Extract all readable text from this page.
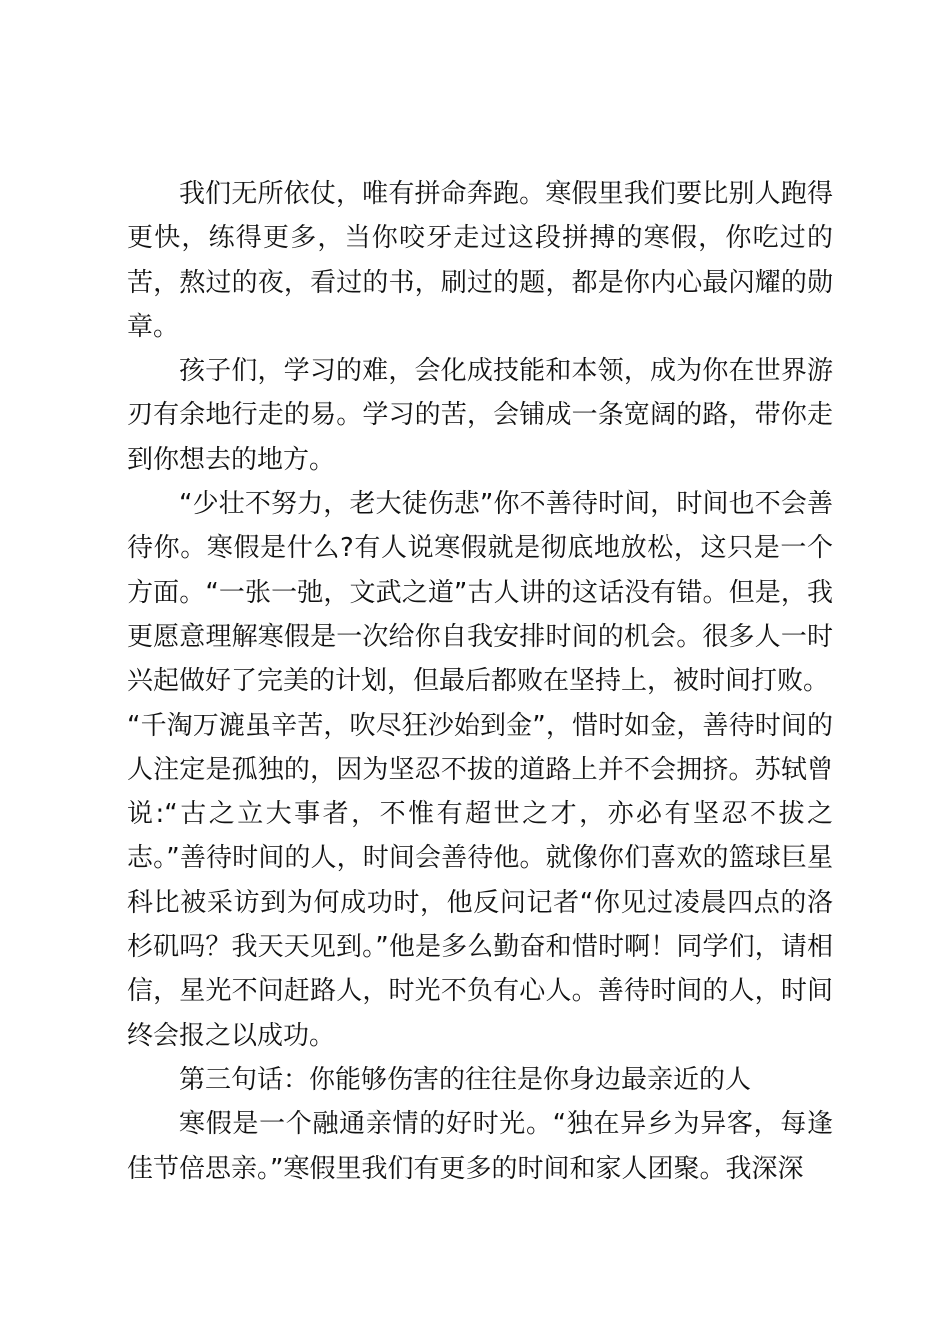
我们无所依仗，唯有拼命奔跑。寒假里我们要比别人跑得更快，练得更多，当你咬牙走过这段拼搏的寒假，你吃过的苦，熬过的夜，看过的书，刷过的题，都是你内心最闪耀的勋章。

孩子们，学习的难，会化成技能和本领，成为你在世界游刃有余地行走的易。学习的苦，会铺成一条宽阔的路，带你走到你想去的地方。

“少壮不努力，老大徒伤悲”你不善待时间，时间也不会善待你。寒假是什么?有人说寒假就是彻底地放松，这只是一个方面。“一张一弛，文武之道”古人讲的这话没有错。但是，我更愿意理解寒假是一次给你自我安排时间的机会。很多人一时兴起做好了完美的计划，但最后都败在坚持上，被时间打败。

“千淘万漉虽辛苦，吹尽狂沙始到金”，惜时如金，善待时间的人注定是孤独的，因为坚忍不拔的道路上并不会拥挤。苏轼曾说:“古之立大事者，不惟有超世之才，亦必有坚忍不拔之志。”善待时间的人，时间会善待他。就像你们喜欢的篮球巨星科比被采访到为何成功时，他反问记者“你见过凌晨四点的洛杉矶吗？我天天见到。”他是多么勤奋和惜时啊！同学们，请相信，星光不问赶路人，时光不负有心人。善待时间的人，时间终会报之以成功。

第三句话：你能够伤害的往往是你身边最亲近的人

寒假是一个融通亲情的好时光。“独在异乡为异客，每逢佳节倍思亲。”寒假里我们有更多的时间和家人团聚。我深深
